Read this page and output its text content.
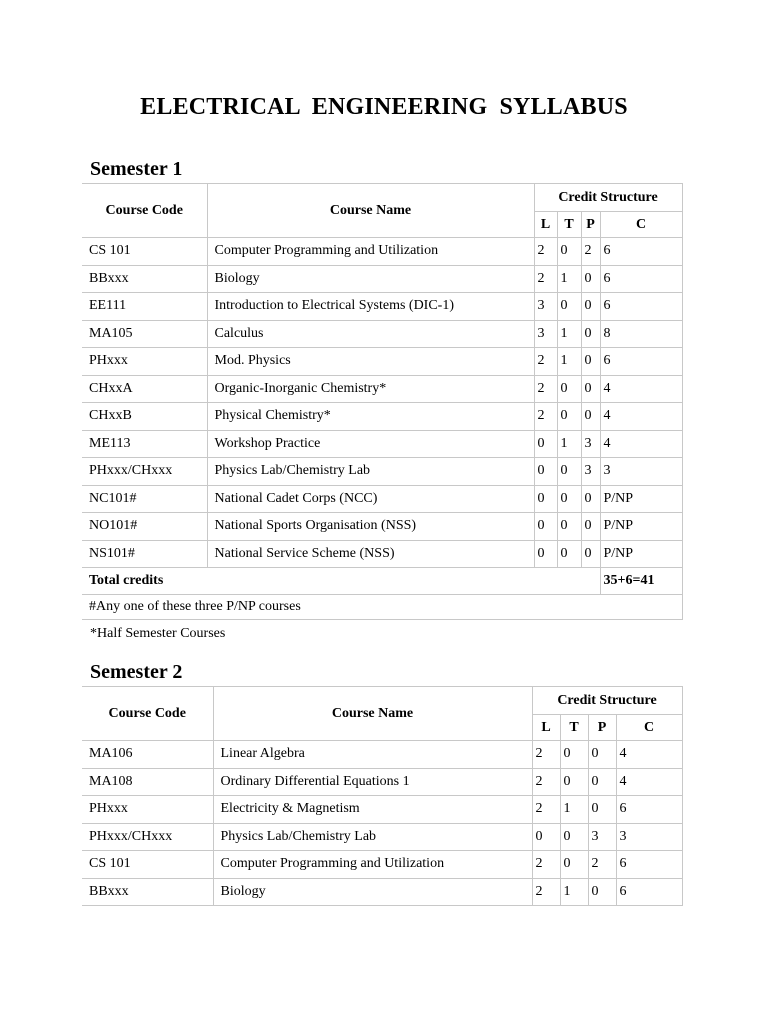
ELECTRICAL ENGINEERING SYLLABUS
Semester 1
Course Code	Course Name	Credit Structure			
		L	T	P	C
CS 101	Computer Programming and Utilization	2	0	2	6
BBxxx	Biology	2	1	0	6
EE111	Introduction to Electrical Systems (DIC-1)	3	0	0	6
MA105	Calculus	3	1	0	8
PHxxx	Mod. Physics	2	1	0	6
CHxxA	Organic-Inorganic Chemistry*	2	0	0	4
CHxxB	Physical Chemistry*	2	0	0	4
ME113	Workshop Practice	0	1	3	4
PHxxx/CHxxx	Physics Lab/Chemistry Lab	0	0	3	3
NC101#	National Cadet Corps (NCC)	0	0	0	P/NP
NO101#	National Sports Organisation (NSS)	0	0	0	P/NP
NS101#	National Service Scheme (NSS)	0	0	0	P/NP
Total credits					35+6=41
#Any one of these three P/NP courses					
*Half Semester Courses
Semester 2
Course Code	Course Name	Credit Structure			
		L	T	P	C
MA106	Linear Algebra	2	0	0	4
MA108	Ordinary Differential Equations 1	2	0	0	4
PHxxx	Electricity & Magnetism	2	1	0	6
PHxxx/CHxxx	Physics Lab/Chemistry Lab	0	0	3	3
CS 101	Computer Programming and Utilization	2	0	2	6
BBxxx	Biology	2	1	0	6
